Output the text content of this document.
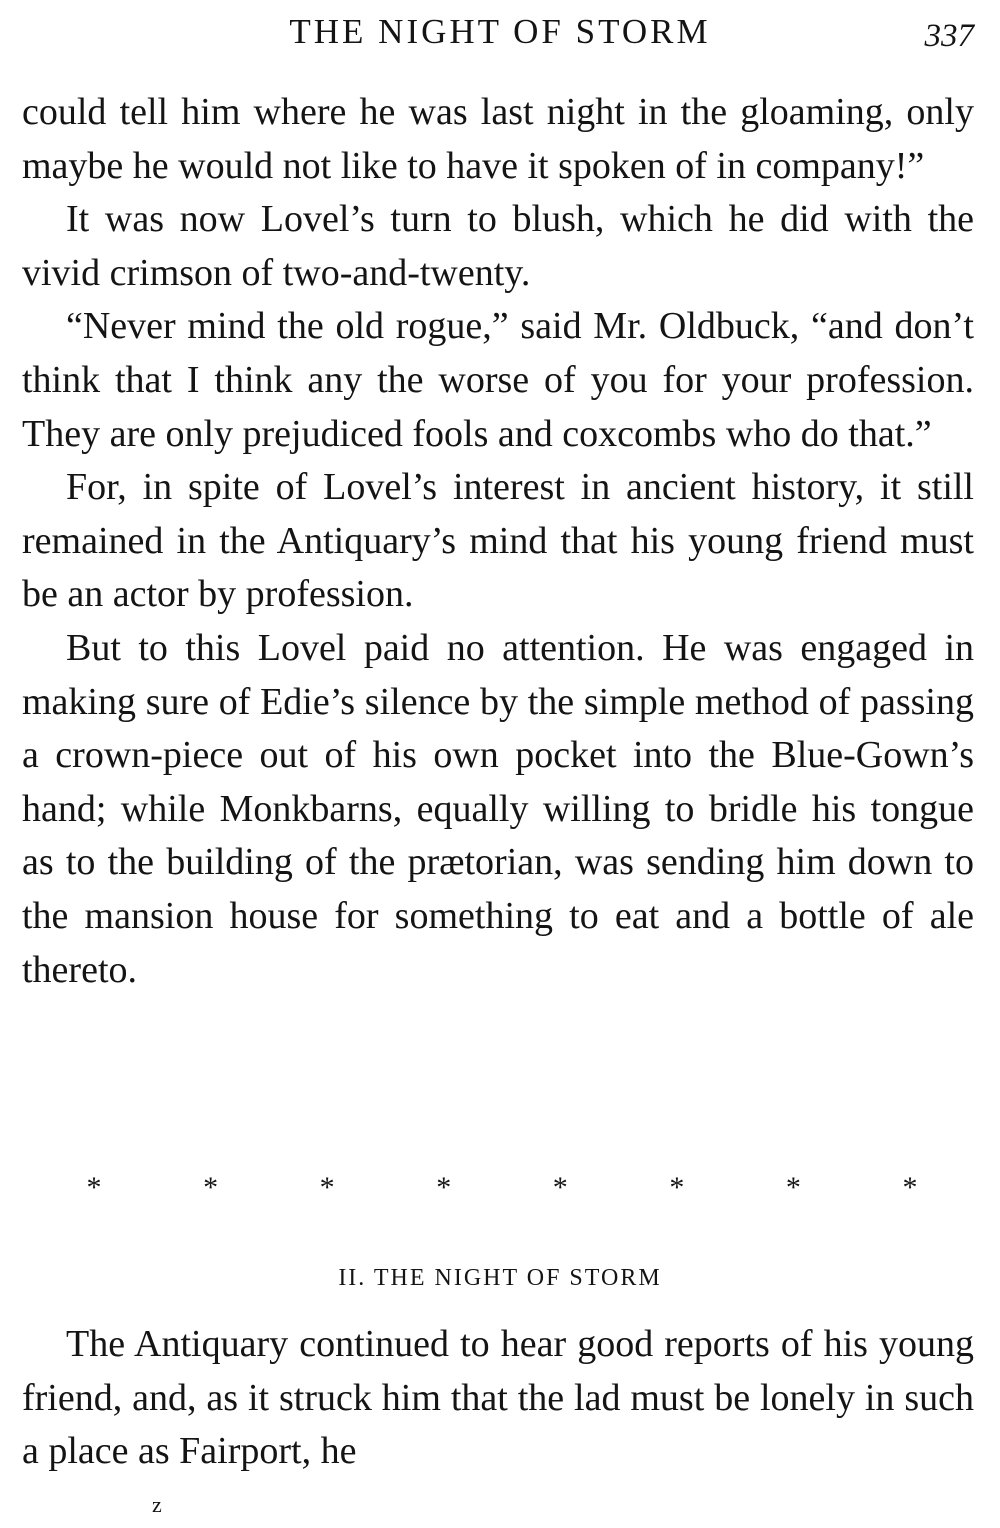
THE NIGHT OF STORM	337

could tell him where he was last night in the gloaming, only maybe he would not like to have it spoken of in company!”

It was now Lovel’s turn to blush, which he did with the vivid crimson of two-and-twenty.

“Never mind the old rogue,” said Mr. Oldbuck, “and don’t think that I think any the worse of you for your profession. They are only prejudiced fools and coxcombs who do that.”

For, in spite of Lovel’s interest in ancient history, it still remained in the Antiquary’s mind that his young friend must be an actor by profession.

But to this Lovel paid no attention. He was engaged in making sure of Edie’s silence by the simple method of passing a crown-piece out of his own pocket into the Blue-Gown’s hand; while Monkbarns, equally willing to bridle his tongue as to the building of the prætorian, was sending him down to the mansion house for something to eat and a bottle of ale thereto.

*	*	*	*	*	*	*	*
II. THE NIGHT OF STORM

The Antiquary continued to hear good reports of his young friend, and, as it struck him that the lad must be lonely in such a place as Fairport, he

z
